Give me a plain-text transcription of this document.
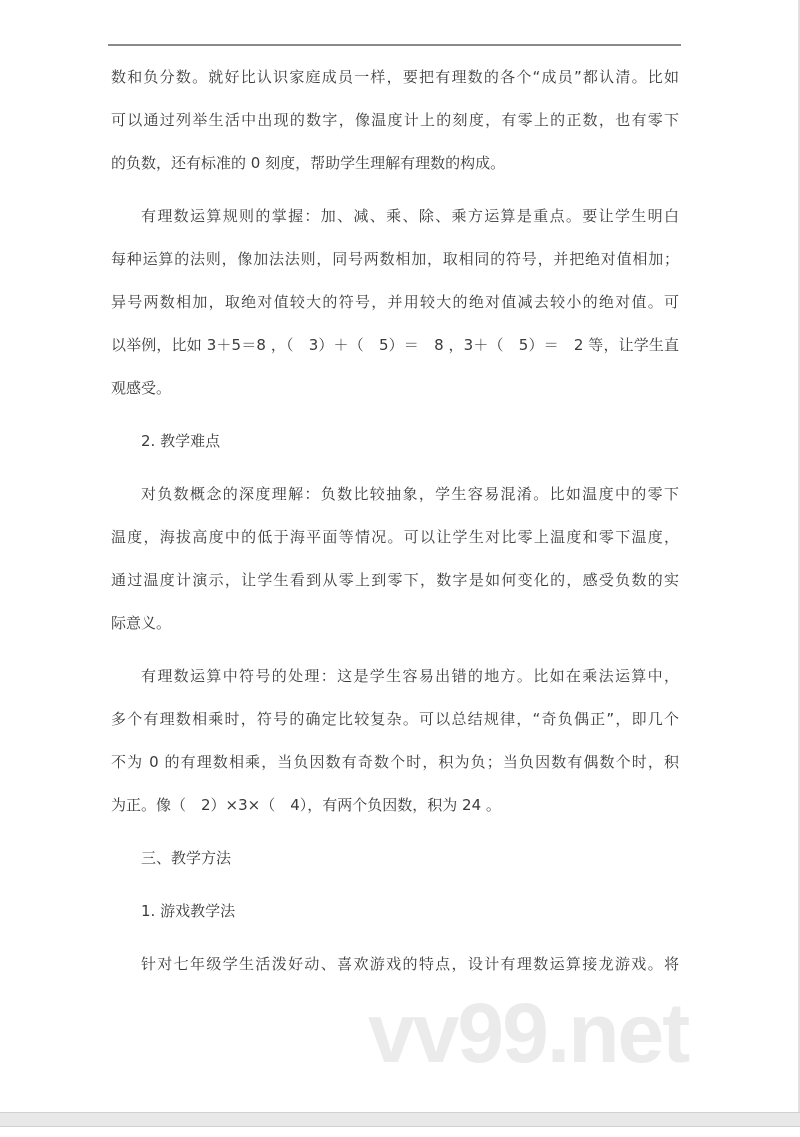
数和负分数。就好比认识家庭成员一样，要把有理数的各个“成员”都认清。比如
可以通过列举生活中出现的数字，像温度计上的刻度，有零上的正数，也有零下
的负数，还有标准的 0 刻度，帮助学生理解有理数的构成。
有理数运算规则的掌握：加、减、乘、除、乘方运算是重点。要让学生明白
每种运算的法则，像加法法则，同号两数相加，取相同的符号，并把绝对值相加；
异号两数相加，取绝对值较大的符号，并用较大的绝对值减去较小的绝对值。可
以举例，比如 3＋5＝8 ，（　3）＋（　5）＝　8 ，3＋（　5）＝　2 等，让学生直
观感受。
2. 教学难点
对负数概念的深度理解：负数比较抽象，学生容易混淆。比如温度中的零下
温度，海拔高度中的低于海平面等情况。可以让学生对比零上温度和零下温度，
通过温度计演示，让学生看到从零上到零下，数字是如何变化的，感受负数的实
际意义。
有理数运算中符号的处理：这是学生容易出错的地方。比如在乘法运算中，
多个有理数相乘时，符号的确定比较复杂。可以总结规律，“奇负偶正”，即几个
不为 0 的有理数相乘，当负因数有奇数个时，积为负；当负因数有偶数个时，积
为正。像（　2）×3×（　4），有两个负因数，积为 24 。
三、教学方法
1. 游戏教学法
针对七年级学生活泼好动、喜欢游戏的特点，设计有理数运算接龙游戏。将
vv99.net
